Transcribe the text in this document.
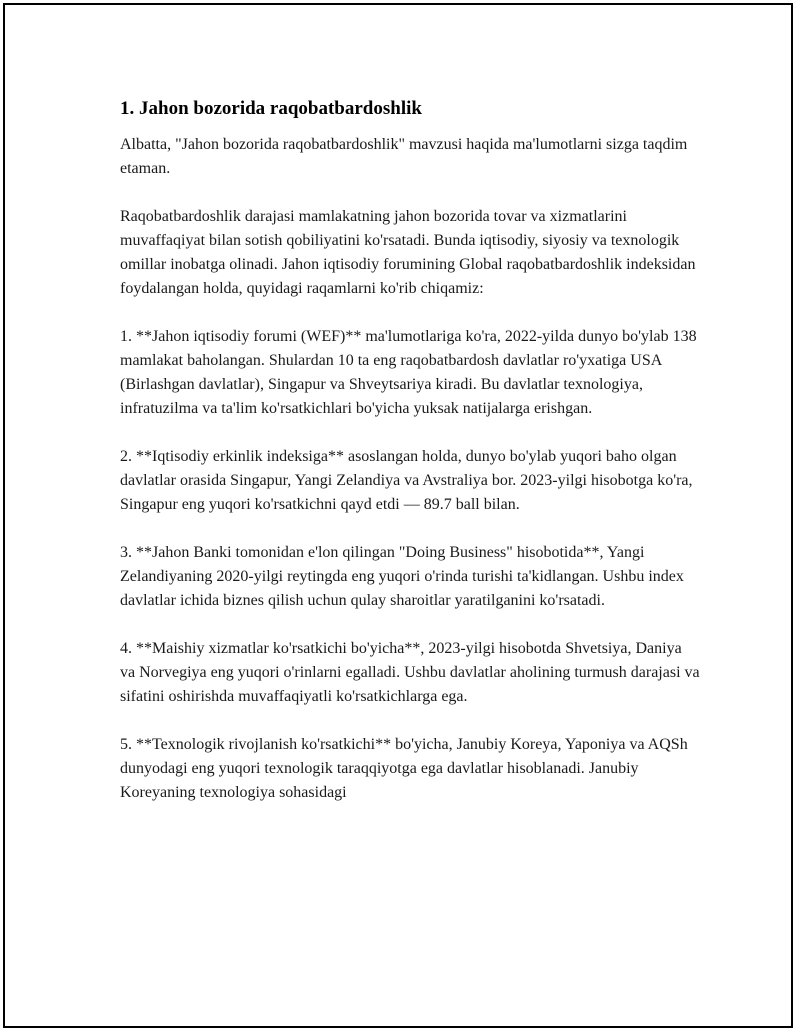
1. Jahon bozorida raqobatbardoshlik

Albatta, "Jahon bozorida raqobatbardoshlik" mavzusi haqida ma'lumotlarni sizga taqdim etaman.

Raqobatbardoshlik darajasi mamlakatning jahon bozorida tovar va xizmatlarini muvaffaqiyat bilan sotish qobiliyatini ko'rsatadi. Bunda iqtisodiy, siyosiy va texnologik omillar inobatga olinadi. Jahon iqtisodiy forumining Global raqobatbardoshlik indeksidan foydalangan holda, quyidagi raqamlarni ko'rib chiqamiz:

1. **Jahon iqtisodiy forumi (WEF)** ma'lumotlariga ko'ra, 2022-yilda dunyo bo'ylab 138 mamlakat baholangan. Shulardan 10 ta eng raqobatbardosh davlatlar ro'yxatiga USA (Birlashgan davlatlar), Singapur va Shveytsariya kiradi. Bu davlatlar texnologiya, infratuzilma va ta'lim ko'rsatkichlari bo'yicha yuksak natijalarga erishgan.

2. **Iqtisodiy erkinlik indeksiga** asoslangan holda, dunyo bo'ylab yuqori baho olgan davlatlar orasida Singapur, Yangi Zelandiya va Avstraliya bor. 2023-yilgi hisobotga ko'ra, Singapur eng yuqori ko'rsatkichni qayd etdi — 89.7 ball bilan.

3. **Jahon Banki tomonidan e'lon qilingan "Doing Business" hisobotida**, Yangi Zelandiyaning 2020-yilgi reytingda eng yuqori o'rinda turishi ta'kidlangan. Ushbu index davlatlar ichida biznes qilish uchun qulay sharoitlar yaratilganini ko'rsatadi.

4. **Maishiy xizmatlar ko'rsatkichi bo'yicha**, 2023-yilgi hisobotda Shvetsiya, Daniya va Norvegiya eng yuqori o'rinlarni egalladi. Ushbu davlatlar aholining turmush darajasi va sifatini oshirishda muvaffaqiyatli ko'rsatkichlarga ega.

5. **Texnologik rivojlanish ko'rsatkichi** bo'yicha, Janubiy Koreya, Yaponiya va AQSh dunyodagi eng yuqori texnologik taraqqiyotga ega davlatlar hisoblanadi. Janubiy Koreyaning texnologiya sohasidagi
